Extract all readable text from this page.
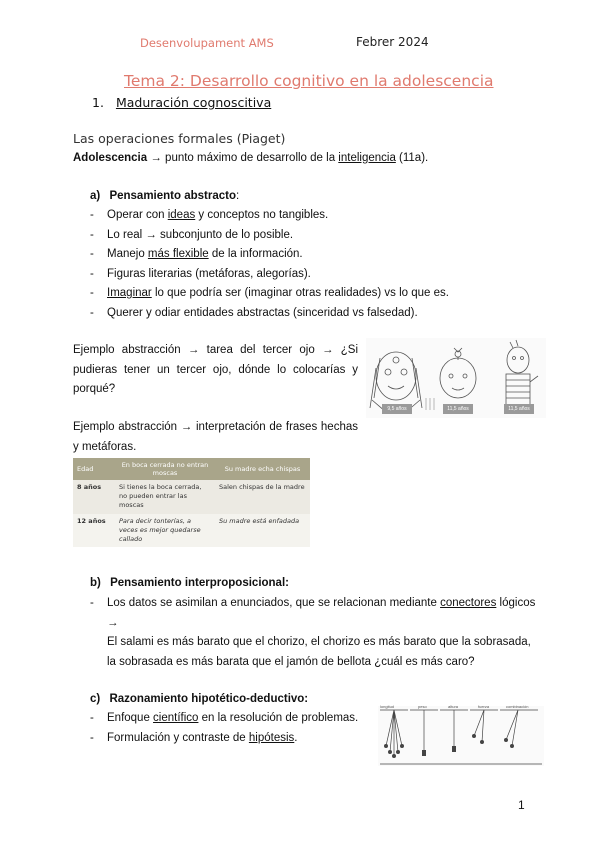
Desenvolupament AMS	Febrer 2024
Tema 2: Desarrollo cognitivo en la adolescencia
1. Maduración cognoscitiva
Las operaciones formales (Piaget)
Adolescencia → punto máximo de desarrollo de la inteligencia (11a).
a) Pensamiento abstracto:
- Operar con ideas y conceptos no tangibles.
- Lo real → subconjunto de lo posible.
- Manejo más flexible de la información.
- Figuras literarias (metáforas, alegorías).
- Imaginar lo que podría ser (imaginar otras realidades) vs lo que es.
- Querer y odiar entidades abstractas (sinceridad vs falsedad).
Ejemplo abstracción → tarea del tercer ojo → ¿Si pudieras tener un tercer ojo, dónde lo colocarías y porqué?
9,5 años	11,5 años	11,5 años
Ejemplo abstracción → interpretación de frases hechas y metáforas.
Edad	En boca cerrada no entran moscas	Su madre echa chispas
8 años	Si tienes la boca cerrada, no pueden entrar las moscas	Salen chispas de la madre
12 años	Para decir tonterías, a veces es mejor quedarse callado	Su madre está enfadada
b) Pensamiento interproposicional:
- Los datos se asimilan a enunciados, que se relacionan mediante conectores lógicos
→
El salami es más barato que el chorizo, el chorizo es más barato que la sobrasada,
la sobrasada es más barata que el jamón de bellota ¿cuál es más caro?
c) Razonamiento hipotético-deductivo:
- Enfoque científico en la resolución de problemas.
- Formulación y contraste de hipótesis.
longitud	peso	altura	fuerza	combinación
1
